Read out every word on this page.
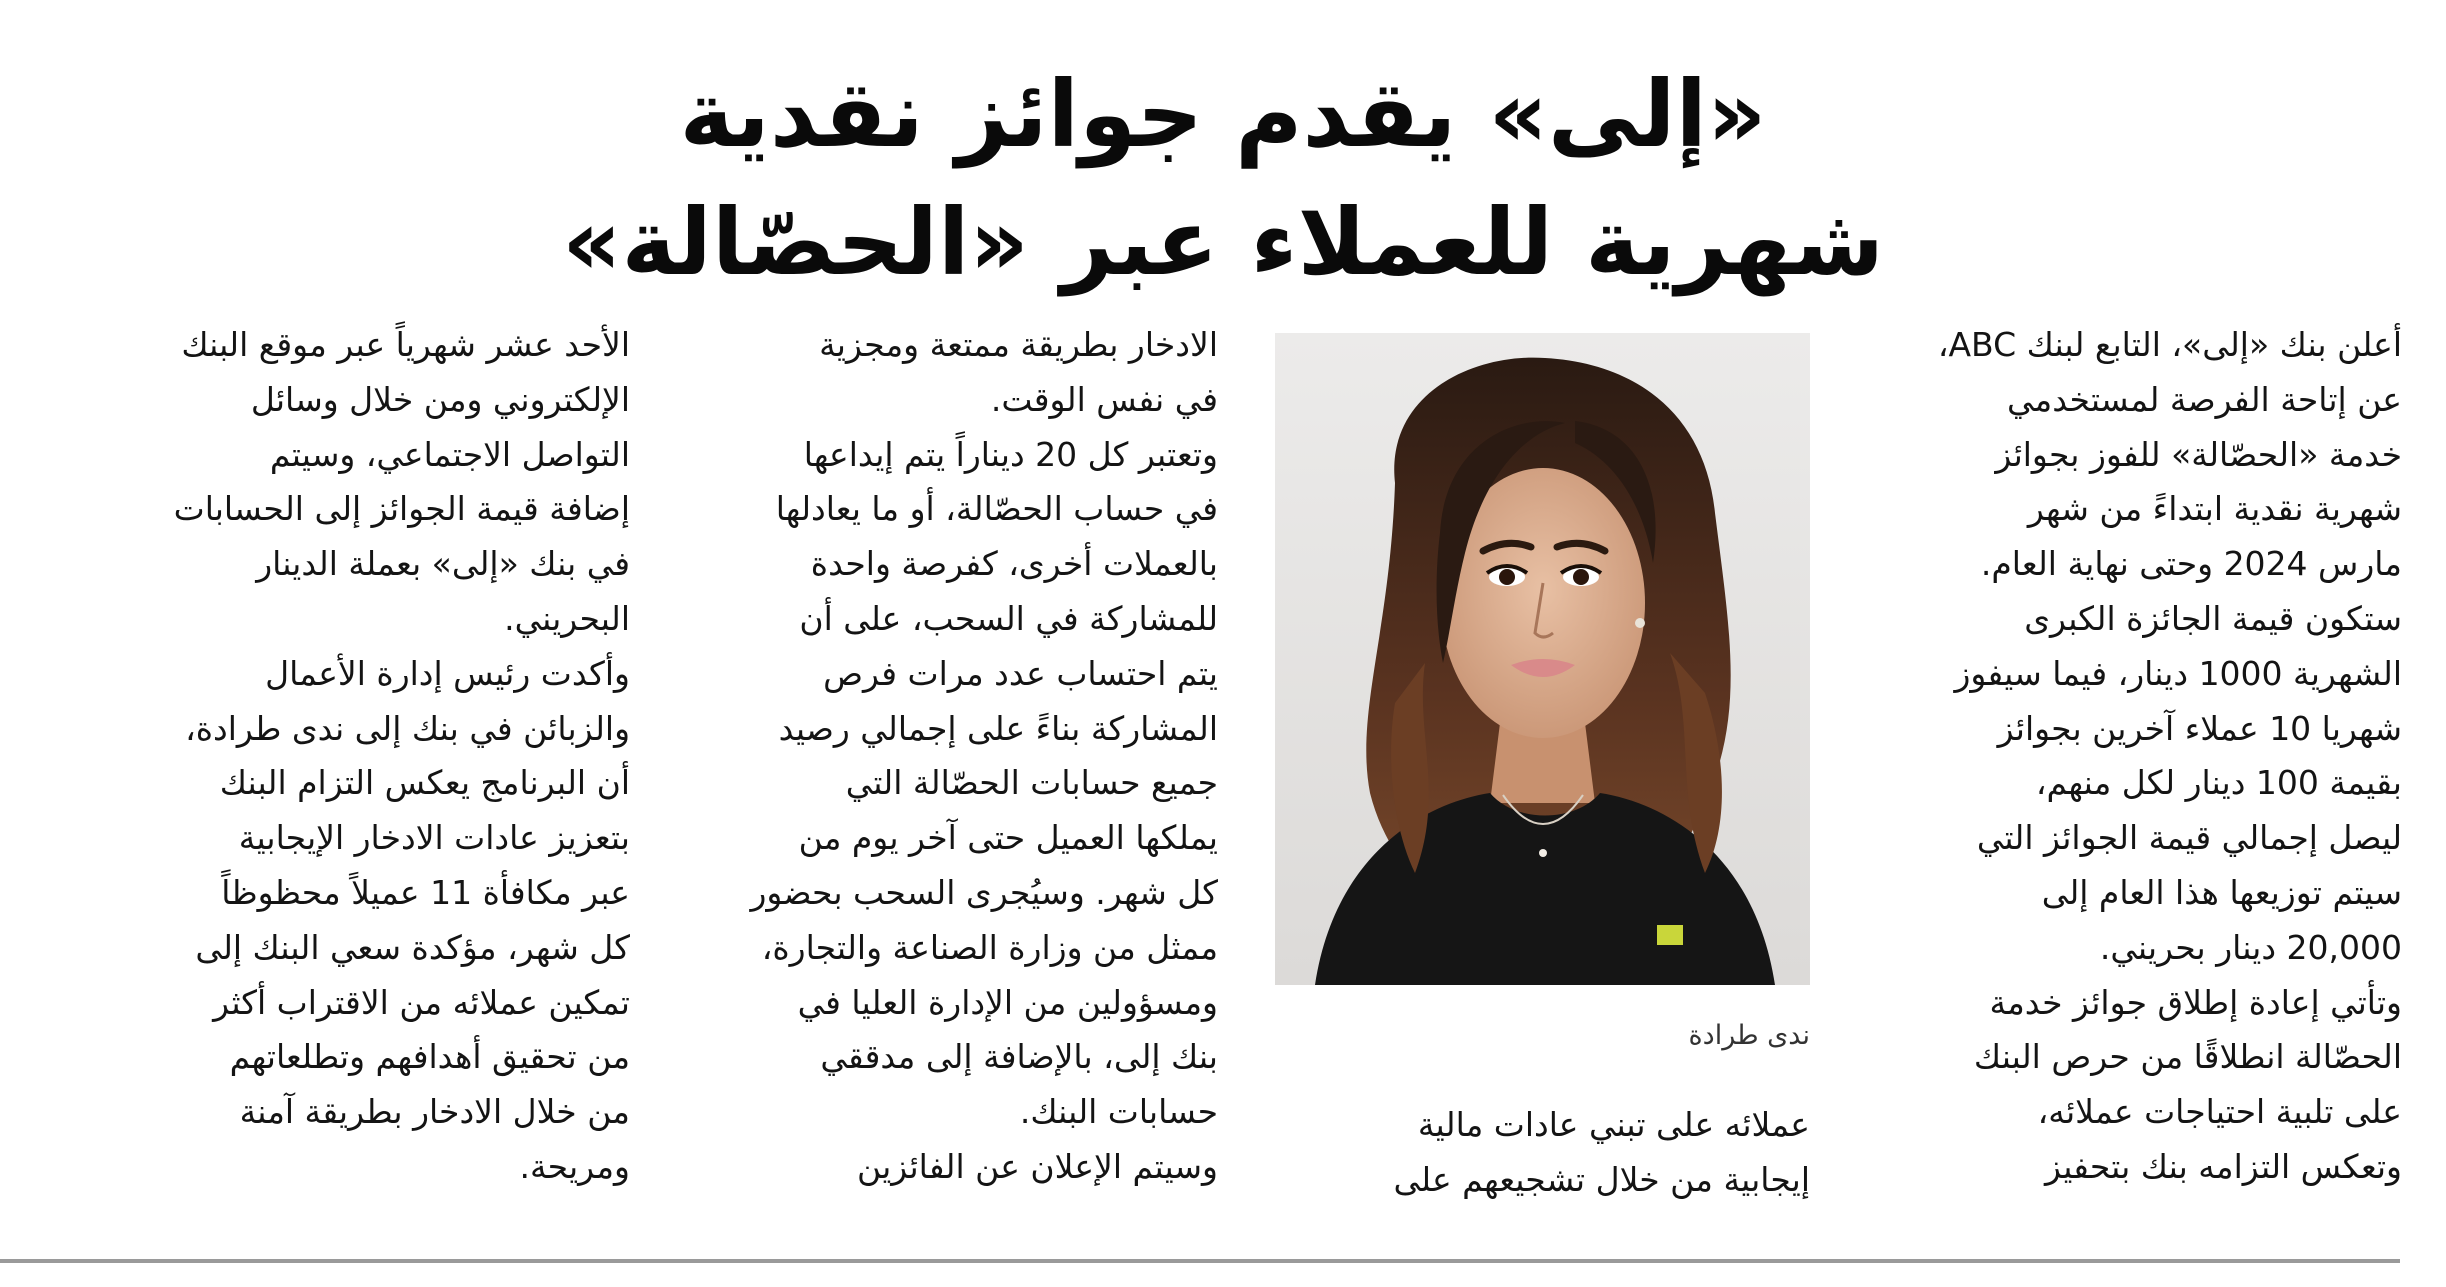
«إلى» يقدم جوائز نقدية
شهرية للعملاء عبر «الحصّالة»

أعلن بنك «إلى»، التابع لبنك ABC،
عن إتاحة الفرصة لمستخدمي
خدمة «الحصّالة» للفوز بجوائز
شهرية نقدية ابتداءً من شهر
مارس 2024 وحتى نهاية العام.
ستكون قيمة الجائزة الكبرى
الشهرية 1000 دينار، فيما سيفوز
شهريا 10 عملاء آخرين بجوائز
بقيمة 100 دينار لكل منهم،
ليصل إجمالي قيمة الجوائز التي
سيتم توزيعها هذا العام إلى
20,000 دينار بحريني.
وتأتي إعادة إطلاق جوائز خدمة
الحصّالة انطلاقًا من حرص البنك
على تلبية احتياجات عملائه،
وتعكس التزامه بنك بتحفيز

ندى طرادة

عملائه على تبني عادات مالية
إيجابية من خلال تشجيعهم على

الادخار بطريقة ممتعة ومجزية
في نفس الوقت.
وتعتبر كل 20 ديناراً يتم إيداعها
في حساب الحصّالة، أو ما يعادلها
بالعملات أخرى، كفرصة واحدة
للمشاركة في السحب، على أن
يتم احتساب عدد مرات فرص
المشاركة بناءً على إجمالي رصيد
جميع حسابات الحصّالة التي
يملكها العميل حتى آخر يوم من
كل شهر. وسيُجرى السحب بحضور
ممثل من وزارة الصناعة والتجارة،
ومسؤولين من الإدارة العليا في
بنك إلى، بالإضافة إلى مدققي
حسابات البنك.
وسيتم الإعلان عن الفائزين

الأحد عشر شهرياً عبر موقع البنك
الإلكتروني ومن خلال وسائل
التواصل الاجتماعي، وسيتم
إضافة قيمة الجوائز إلى الحسابات
في بنك «إلى» بعملة الدينار
البحريني.
وأكدت رئيس إدارة الأعمال
والزبائن في بنك إلى ندى طرادة،
أن البرنامج يعكس التزام البنك
بتعزيز عادات الادخار الإيجابية
عبر مكافأة 11 عميلاً محظوظاً
كل شهر، مؤكدة سعي البنك إلى
تمكين عملائه من الاقتراب أكثر
من تحقيق أهدافهم وتطلعاتهم
من خلال الادخار بطريقة آمنة
ومريحة.
